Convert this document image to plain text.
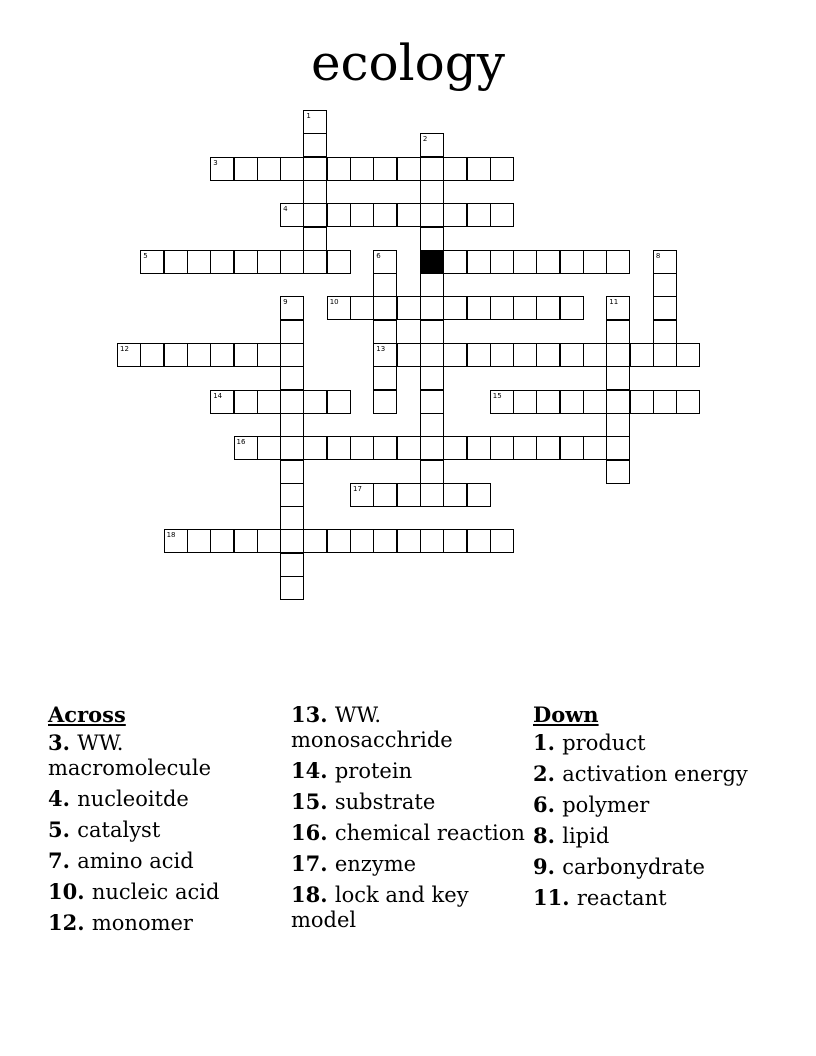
ecology
1
2
7
3
4
5	6
13
8
9	10	11
12
14	15
16
17
18
Across
3. WW. macromolecule
4. nucleoitde
5. catalyst
7. amino acid
10. nucleic acid
12. monomer
13. WW. monosacchride
14. protein
15. substrate
16. chemical reaction
17. enzyme
18. lock and key model
Down
1. product
2. activation energy
6. polymer
8. lipid
9. carbonydrate
11. reactant
